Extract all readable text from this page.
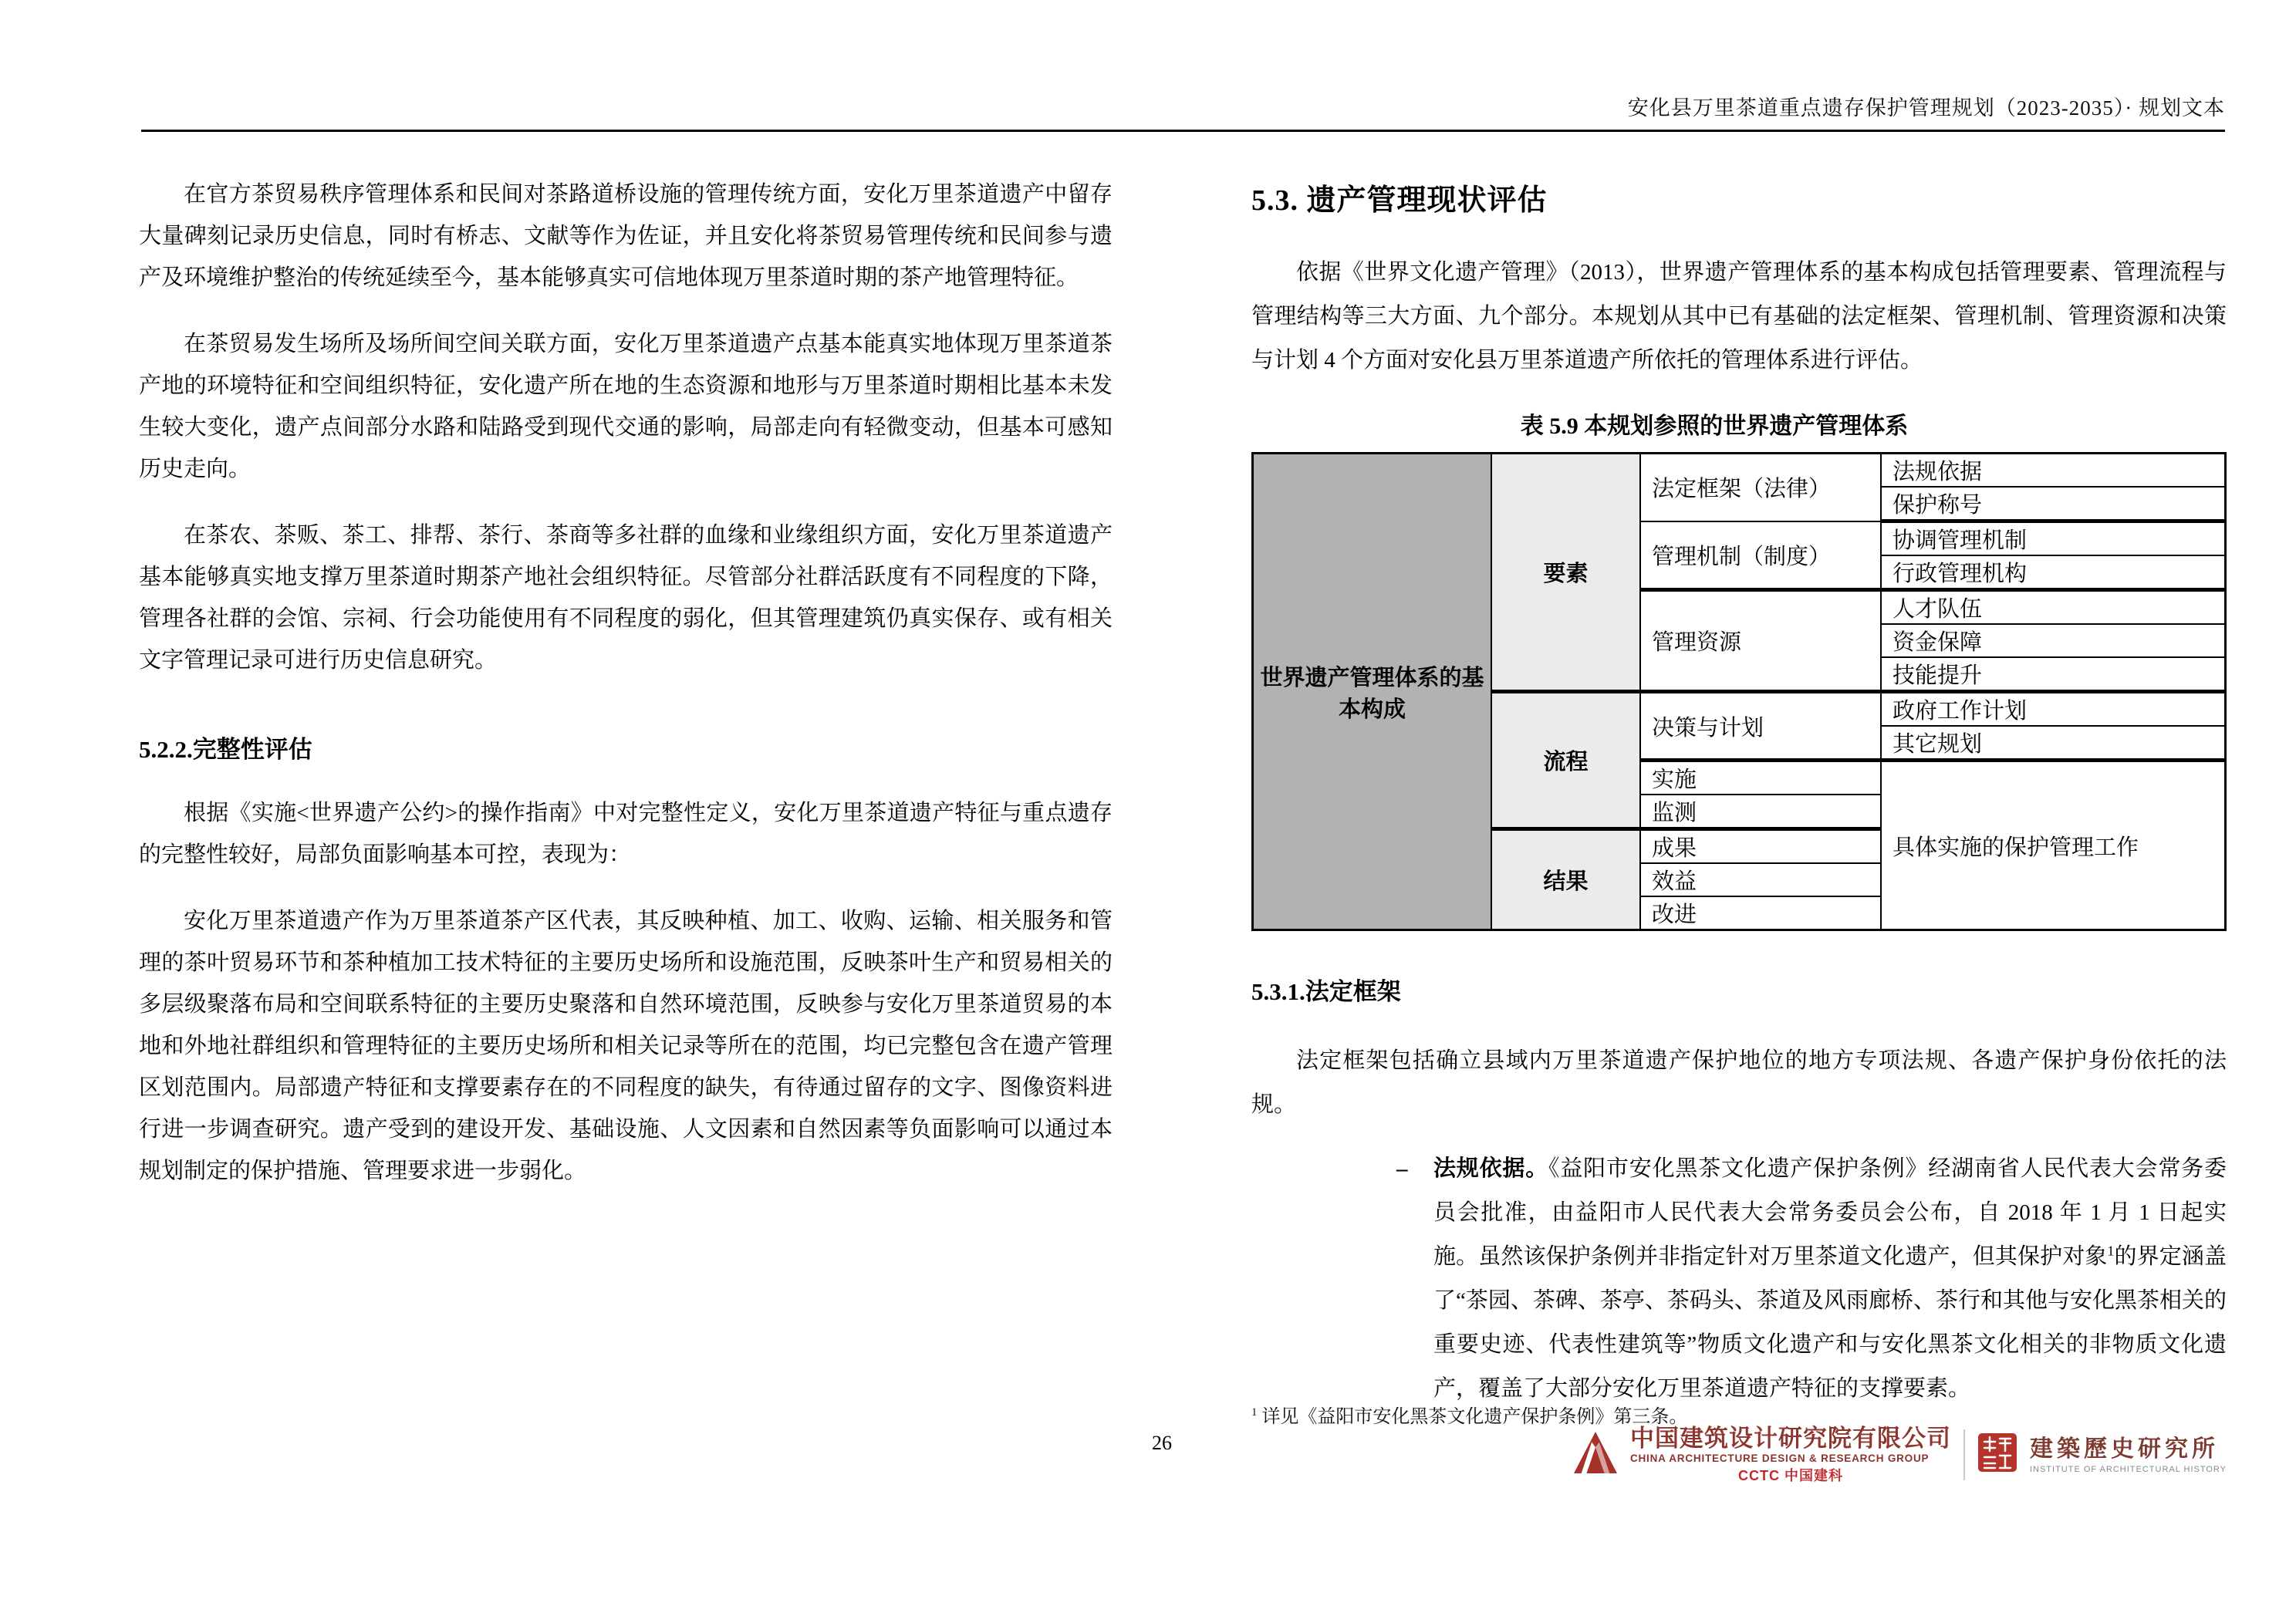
安化县万里茶道重点遗存保护管理规划（2023-2035）· 规划文本

在官方茶贸易秩序管理体系和民间对茶路道桥设施的管理传统方面，安化万里茶道遗产中留存大量碑刻记录历史信息，同时有桥志、文献等作为佐证，并且安化将茶贸易管理传统和民间参与遗产及环境维护整治的传统延续至今，基本能够真实可信地体现万里茶道时期的茶产地管理特征。

在茶贸易发生场所及场所间空间关联方面，安化万里茶道遗产点基本能真实地体现万里茶道茶产地的环境特征和空间组织特征，安化遗产所在地的生态资源和地形与万里茶道时期相比基本未发生较大变化，遗产点间部分水路和陆路受到现代交通的影响，局部走向有轻微变动，但基本可感知历史走向。

在茶农、茶贩、茶工、排帮、茶行、茶商等多社群的血缘和业缘组织方面，安化万里茶道遗产基本能够真实地支撑万里茶道时期茶产地社会组织特征。尽管部分社群活跃度有不同程度的下降，管理各社群的会馆、宗祠、行会功能使用有不同程度的弱化，但其管理建筑仍真实保存、或有相关文字管理记录可进行历史信息研究。

5.2.2.完整性评估

根据《实施<世界遗产公约>的操作指南》中对完整性定义，安化万里茶道遗产特征与重点遗存的完整性较好，局部负面影响基本可控，表现为：

安化万里茶道遗产作为万里茶道茶产区代表，其反映种植、加工、收购、运输、相关服务和管理的茶叶贸易环节和茶种植加工技术特征的主要历史场所和设施范围，反映茶叶生产和贸易相关的多层级聚落布局和空间联系特征的主要历史聚落和自然环境范围，反映参与安化万里茶道贸易的本地和外地社群组织和管理特征的主要历史场所和相关记录等所在的范围，均已完整包含在遗产管理区划范围内。局部遗产特征和支撑要素存在的不同程度的缺失，有待通过留存的文字、图像资料进行进一步调查研究。遗产受到的建设开发、基础设施、人文因素和自然因素等负面影响可以通过本规划制定的保护措施、管理要求进一步弱化。

5.3. 遗产管理现状评估

依据《世界文化遗产管理》（2013），世界遗产管理体系的基本构成包括管理要素、管理流程与管理结构等三大方面、九个部分。本规划从其中已有基础的法定框架、管理机制、管理资源和决策与计划 4 个方面对安化县万里茶道遗产所依托的管理体系进行评估。

表 5.9 本规划参照的世界遗产管理体系
世界遗产管理体系的基本构成	要素	法定框架（法律）	法规依据
			保护称号
		管理机制（制度）	协调管理机制
			行政管理机构
		管理资源	人才队伍
			资金保障
			技能提升
	流程	决策与计划	政府工作计划
			其它规划
		实施	具体实施的保护管理工作
		监测	
	结果	成果	
		效益	
		改进	
5.3.1.法定框架

法定框架包括确立县域内万里茶道遗产保护地位的地方专项法规、各遗产保护身份依托的法规。

–	法规依据。《益阳市安化黑茶文化遗产保护条例》经湖南省人民代表大会常务委员会批准，由益阳市人民代表大会常务委员会公布，自 2018 年 1 月 1 日起实施。虽然该保护条例并非指定针对万里茶道文化遗产，但其保护对象$^1$的界定涵盖了“茶园、茶碑、茶亭、茶码头、茶道及风雨廊桥、茶行和其他与安化黑茶相关的重要史迹、代表性建筑等”物质文化遗产和与安化黑茶文化相关的非物质文化遗产，覆盖了大部分安化万里茶道遗产特征的支撑要素。
$^1$ 详见《益阳市安化黑茶文化遗产保护条例》第三条。
26	中国建筑设计研究院有限公司
CHINA ARCHITECTURE DESIGN & RESEARCH GROUP
CCTC 中国建科
建築歷史研究所
INSTITUTE OF ARCHITECTURAL HISTORY
